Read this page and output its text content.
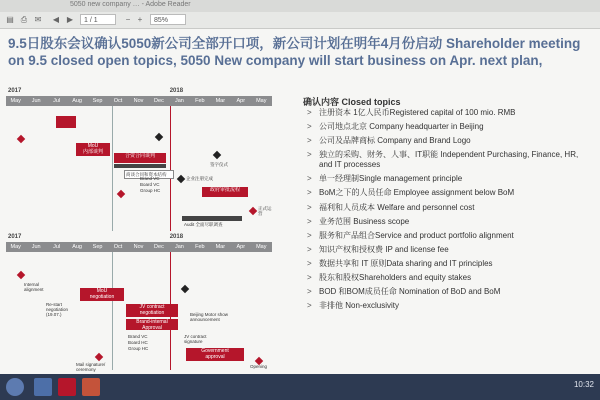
5050 new company … - Adobe Reader
▤ ⎙ ✉	◀ ▶	1 / 1	− +	85%
9.5日股东会议确认5050新公司全部开口项，新公司计划在明年4月份启动 Shareholder meeting on 9.5 closed open topics, 5050 New company will start business on Apr. next plan,
确认内容 Closed topics
> 注册资本 1亿人民币Registered capital of 100 mio. RMB
> 公司地点北京 Company headquarter in Beijing
> 公司及品牌商标 Company and Brand Logo
> 独立的采购、财务、人事、IT职能 Independent Purchasing, Finance, HR, and IT processes
> 单一经理制Single management principle
> BoM之下的人员任命 Employee assignment below BoM
> 福利和人员成本 Welfare and personnel cost
> 业务范围 Business scope
> 服务和产品组合Service and product portfolio alignment
> 知识产权和授权费 IP and license fee
> 数据共享和 IT 原则Data sharing and IT principles
> 股东和股权Shareholders and equity stakes
> BOD 和BOM成员任命 Nomination of BoD and BoM
> 非排他 Non-exclusivity
May	Jun	Jul	Aug	Sep	Oct	Nov	Dec	Jan	Feb	Mar	Apr	May
2017	2018
MoU
内部谈判
合资合同谈判
商谈合同和资本结构
企业注册完成
政府审批流程
签字仪式
正式运营
Brand VC
Board VC
Group HC
Audit 全面尽职调查
May	Jun	Jul	Aug	Sep	Oct	Nov	Dec	Jan	Feb	Mar	Apr	May
2017	2018
Internal
alignment	MoU
negotiation
Re-start
negotiation
(19.07.)
JV contract
negotiation
Brand-internal
Approval
Brand VC
Board HC
Group HC
Beijing Motor show
announcement
JV contract
signature
Government
approval
Mail signature/
ceremony
Opening
10:32
